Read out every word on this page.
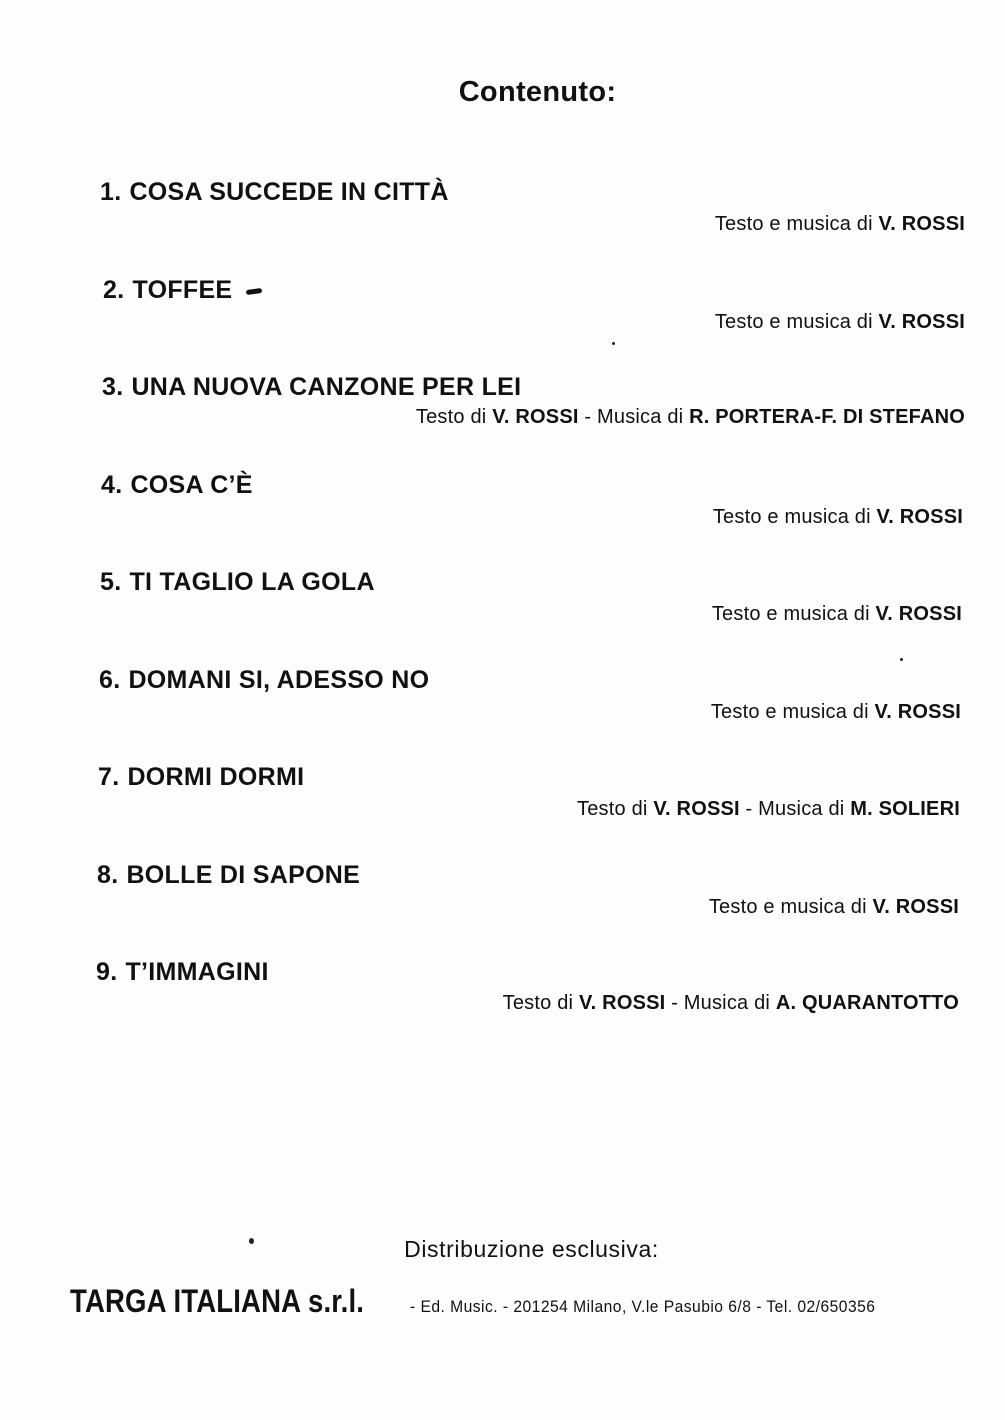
Contenuto:
1. COSA SUCCEDE IN CITTÀ
Testo e musica di V. ROSSI
2. TOFFEE
Testo e musica di V. ROSSI
3. UNA NUOVA CANZONE PER LEI
Testo di V. ROSSI - Musica di R. PORTERA-F. DI STEFANO
4. COSA C’È
Testo e musica di V. ROSSI
5. TI TAGLIO LA GOLA
Testo e musica di V. ROSSI
6. DOMANI SI, ADESSO NO
Testo e musica di V. ROSSI
7. DORMI DORMI
Testo di V. ROSSI - Musica di M. SOLIERI
8. BOLLE DI SAPONE
Testo e musica di V. ROSSI
9. T’IMMAGINI
Testo di V. ROSSI - Musica di A. QUARANTOTTO
Distribuzione esclusiva:
TARGA ITALIANA s.r.l.	- Ed. Music. - 201254 Milano, V.le Pasubio 6/8 - Tel. 02/650356
